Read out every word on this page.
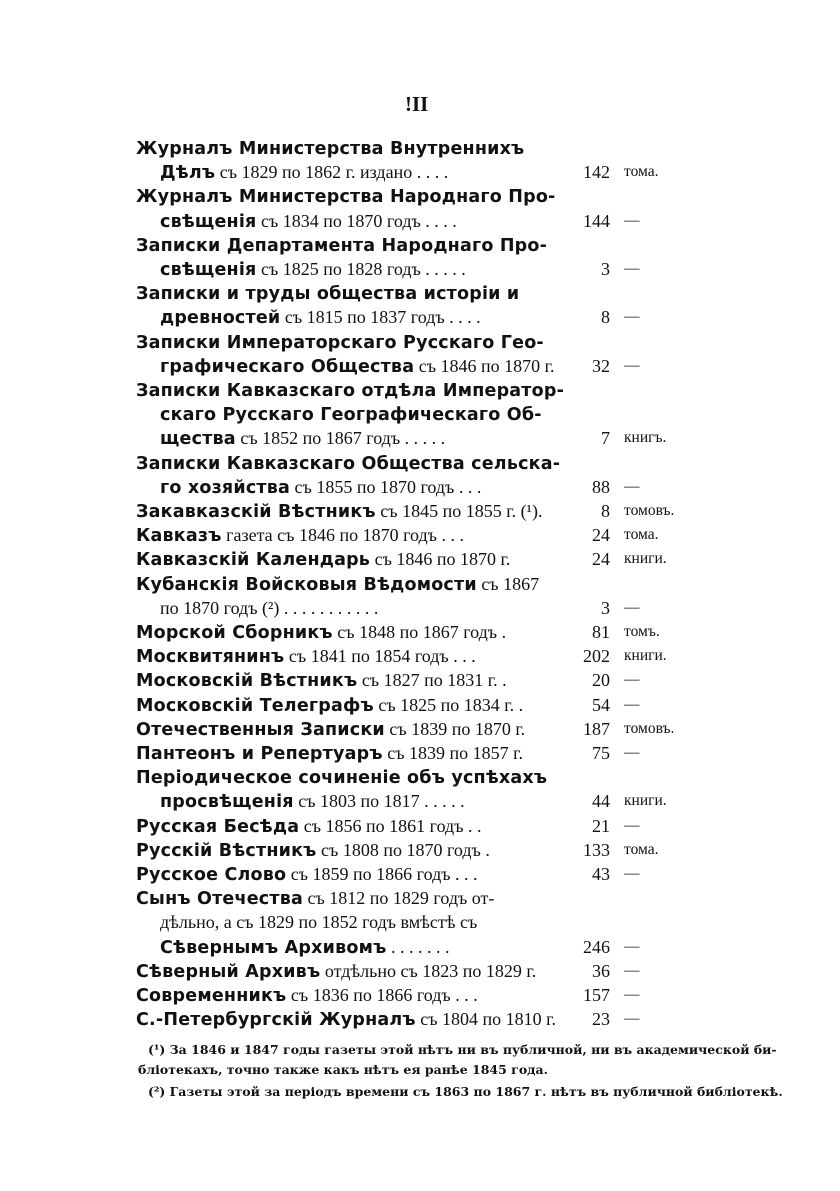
!II
Журналъ Министерства Внутреннихъ
Дѣлъ съ 1829 по 1862 г. издано . . . .	142 тома.
Журналъ Министерства Народнаго Про-
свѣщенія съ 1834 по 1870 годъ . . . .	144 —
Записки Департамента Народнаго Про-
свѣщенія съ 1825 по 1828 годъ . . . . .	3 —
Записки и труды общества исторіи и
древностей съ 1815 по 1837 годъ . . . .	8 —
Записки Императорскаго Русскаго Гео-
графическаго Общества съ 1846 по 1870 г.	32 —
Записки Кавказскаго отдѣла Император-
скаго Русскаго Географическаго Об-
щества съ 1852 по 1867 годъ . . . . .	7 книгъ.
Записки Кавказскаго Общества сельска-
го хозяйства съ 1855 по 1870 годъ . . .	88 —
Закавказскій Вѣстникъ съ 1845 по 1855 г. (¹).	8 томовъ.
Кавказъ газета съ 1846 по 1870 годъ . . .	24 тома.
Кавказскій Календарь съ 1846 по 1870 г.	24 книги.
Кубанскія Войсковыя Вѣдомости съ 1867
по 1870 годъ (²) . . . . . . . . . . .	3 —
Морской Сборникъ съ 1848 по 1867 годъ .	81 томъ.
Москвитянинъ съ 1841 по 1854 годъ . . .	202 книги.
Московскій Вѣстникъ съ 1827 по 1831 г. .	20 —
Московскій Телеграфъ съ 1825 по 1834 г. .	54 —
Отечественныя Записки съ 1839 по 1870 г.	187 томовъ.
Пантеонъ и Репертуаръ съ 1839 по 1857 г.	75 —
Періодическое сочиненіе объ успѣхахъ
просвѣщенія съ 1803 по 1817 . . . . .	44 книги.
Русская Бесѣда съ 1856 по 1861 годъ . .	21 —
Русскій Вѣстникъ съ 1808 по 1870 годъ .	133 тома.
Русское Слово съ 1859 по 1866 годъ . . .	43 —
Сынъ Отечества съ 1812 по 1829 годъ от-
дѣльно, а съ 1829 по 1852 годъ вмѣстѣ съ
Сѣвернымъ Архивомъ . . . . . . .	246 —
Сѣверный Архивъ отдѣльно съ 1823 по 1829 г.	36 —
Современникъ съ 1836 по 1866 годъ . . .	157 —
С.-Петербургскій Журналъ съ 1804 по 1810 г.	23 —
(¹) За 1846 и 1847 годы газеты этой нѣтъ ни въ публичной, ни въ академической би-
бліотекахъ, точно также какъ нѣтъ ея ранѣе 1845 года.
(²) Газеты этой за періодъ времени съ 1863 по 1867 г. нѣтъ въ публичной библіотекѣ.
